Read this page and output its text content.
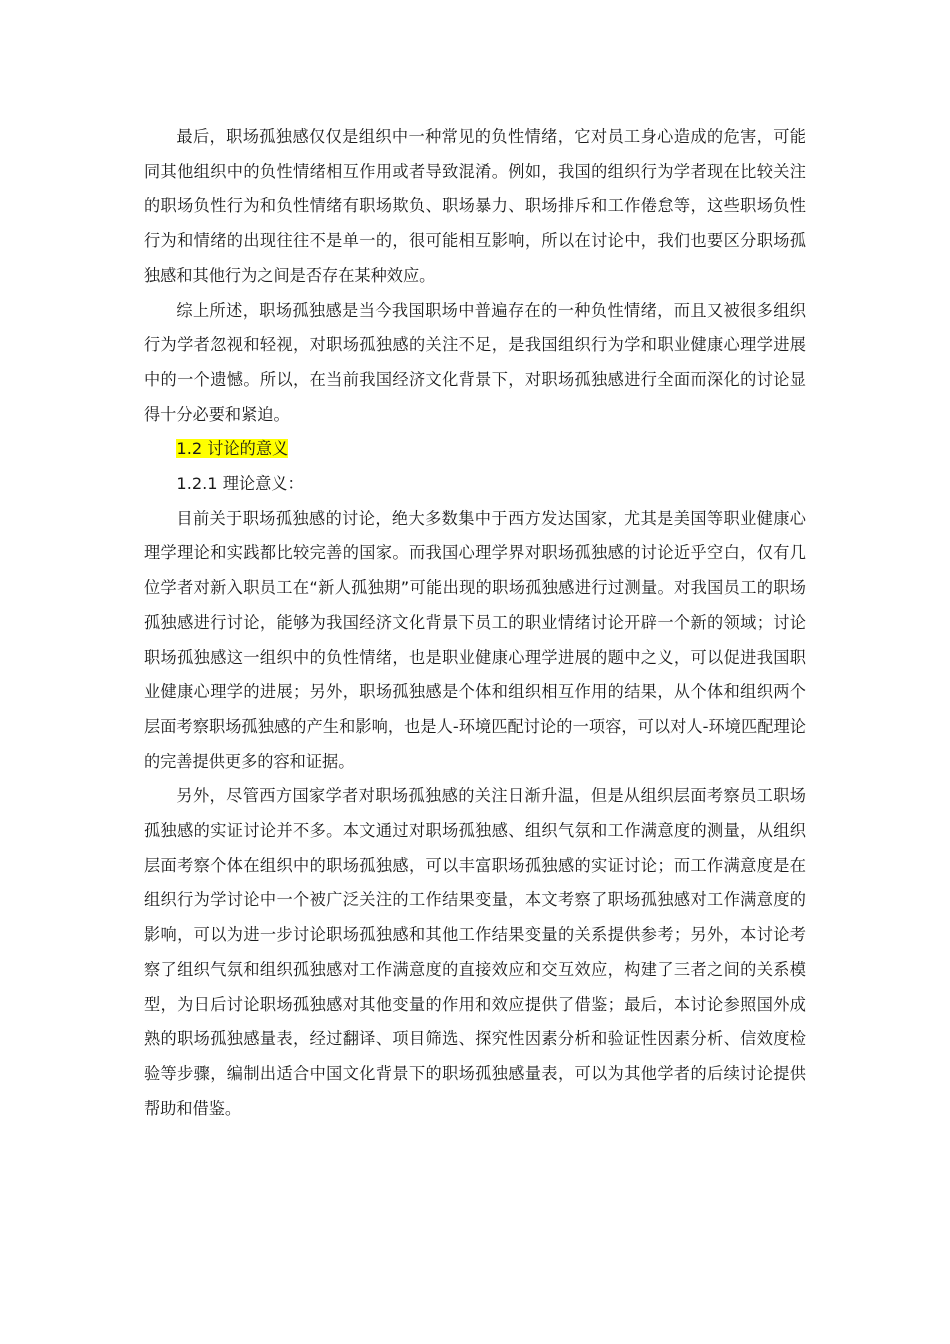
最后，职场孤独感仅仅是组织中一种常见的负性情绪，它对员工身心造成的危害，可能同其他组织中的负性情绪相互作用或者导致混淆。例如，我国的组织行为学者现在比较关注的职场负性行为和负性情绪有职场欺负、职场暴力、职场排斥和工作倦怠等，这些职场负性行为和情绪的出现往往不是单一的，很可能相互影响，所以在讨论中，我们也要区分职场孤独感和其他行为之间是否存在某种效应。

综上所述，职场孤独感是当今我国职场中普遍存在的一种负性情绪，而且又被很多组织行为学者忽视和轻视，对职场孤独感的关注不足，是我国组织行为学和职业健康心理学进展中的一个遗憾。所以，在当前我国经济文化背景下，对职场孤独感进行全面而深化的讨论显得十分必要和紧迫。

1.2 讨论的意义

1.2.1 理论意义：

目前关于职场孤独感的讨论，绝大多数集中于西方发达国家，尤其是美国等职业健康心理学理论和实践都比较完善的国家。而我国心理学界对职场孤独感的讨论近乎空白，仅有几位学者对新入职员工在“新人孤独期”可能出现的职场孤独感进行过测量。对我国员工的职场孤独感进行讨论，能够为我国经济文化背景下员工的职业情绪讨论开辟一个新的领域；讨论职场孤独感这一组织中的负性情绪，也是职业健康心理学进展的题中之义，可以促进我国职业健康心理学的进展；另外，职场孤独感是个体和组织相互作用的结果，从个体和组织两个层面考察职场孤独感的产生和影响，也是人-环境匹配讨论的一项容，可以对人-环境匹配理论的完善提供更多的容和证据。

另外，尽管西方国家学者对职场孤独感的关注日渐升温，但是从组织层面考察员工职场孤独感的实证讨论并不多。本文通过对职场孤独感、组织气氛和工作满意度的测量，从组织层面考察个体在组织中的职场孤独感，可以丰富职场孤独感的实证讨论；而工作满意度是在组织行为学讨论中一个被广泛关注的工作结果变量，本文考察了职场孤独感对工作满意度的影响，可以为进一步讨论职场孤独感和其他工作结果变量的关系提供参考；另外，本讨论考察了组织气氛和组织孤独感对工作满意度的直接效应和交互效应，构建了三者之间的关系模型，为日后讨论职场孤独感对其他变量的作用和效应提供了借鉴；最后，本讨论参照国外成熟的职场孤独感量表，经过翻译、项目筛选、探究性因素分析和验证性因素分析、信效度检验等步骤，编制出适合中国文化背景下的职场孤独感量表，可以为其他学者的后续讨论提供帮助和借鉴。
